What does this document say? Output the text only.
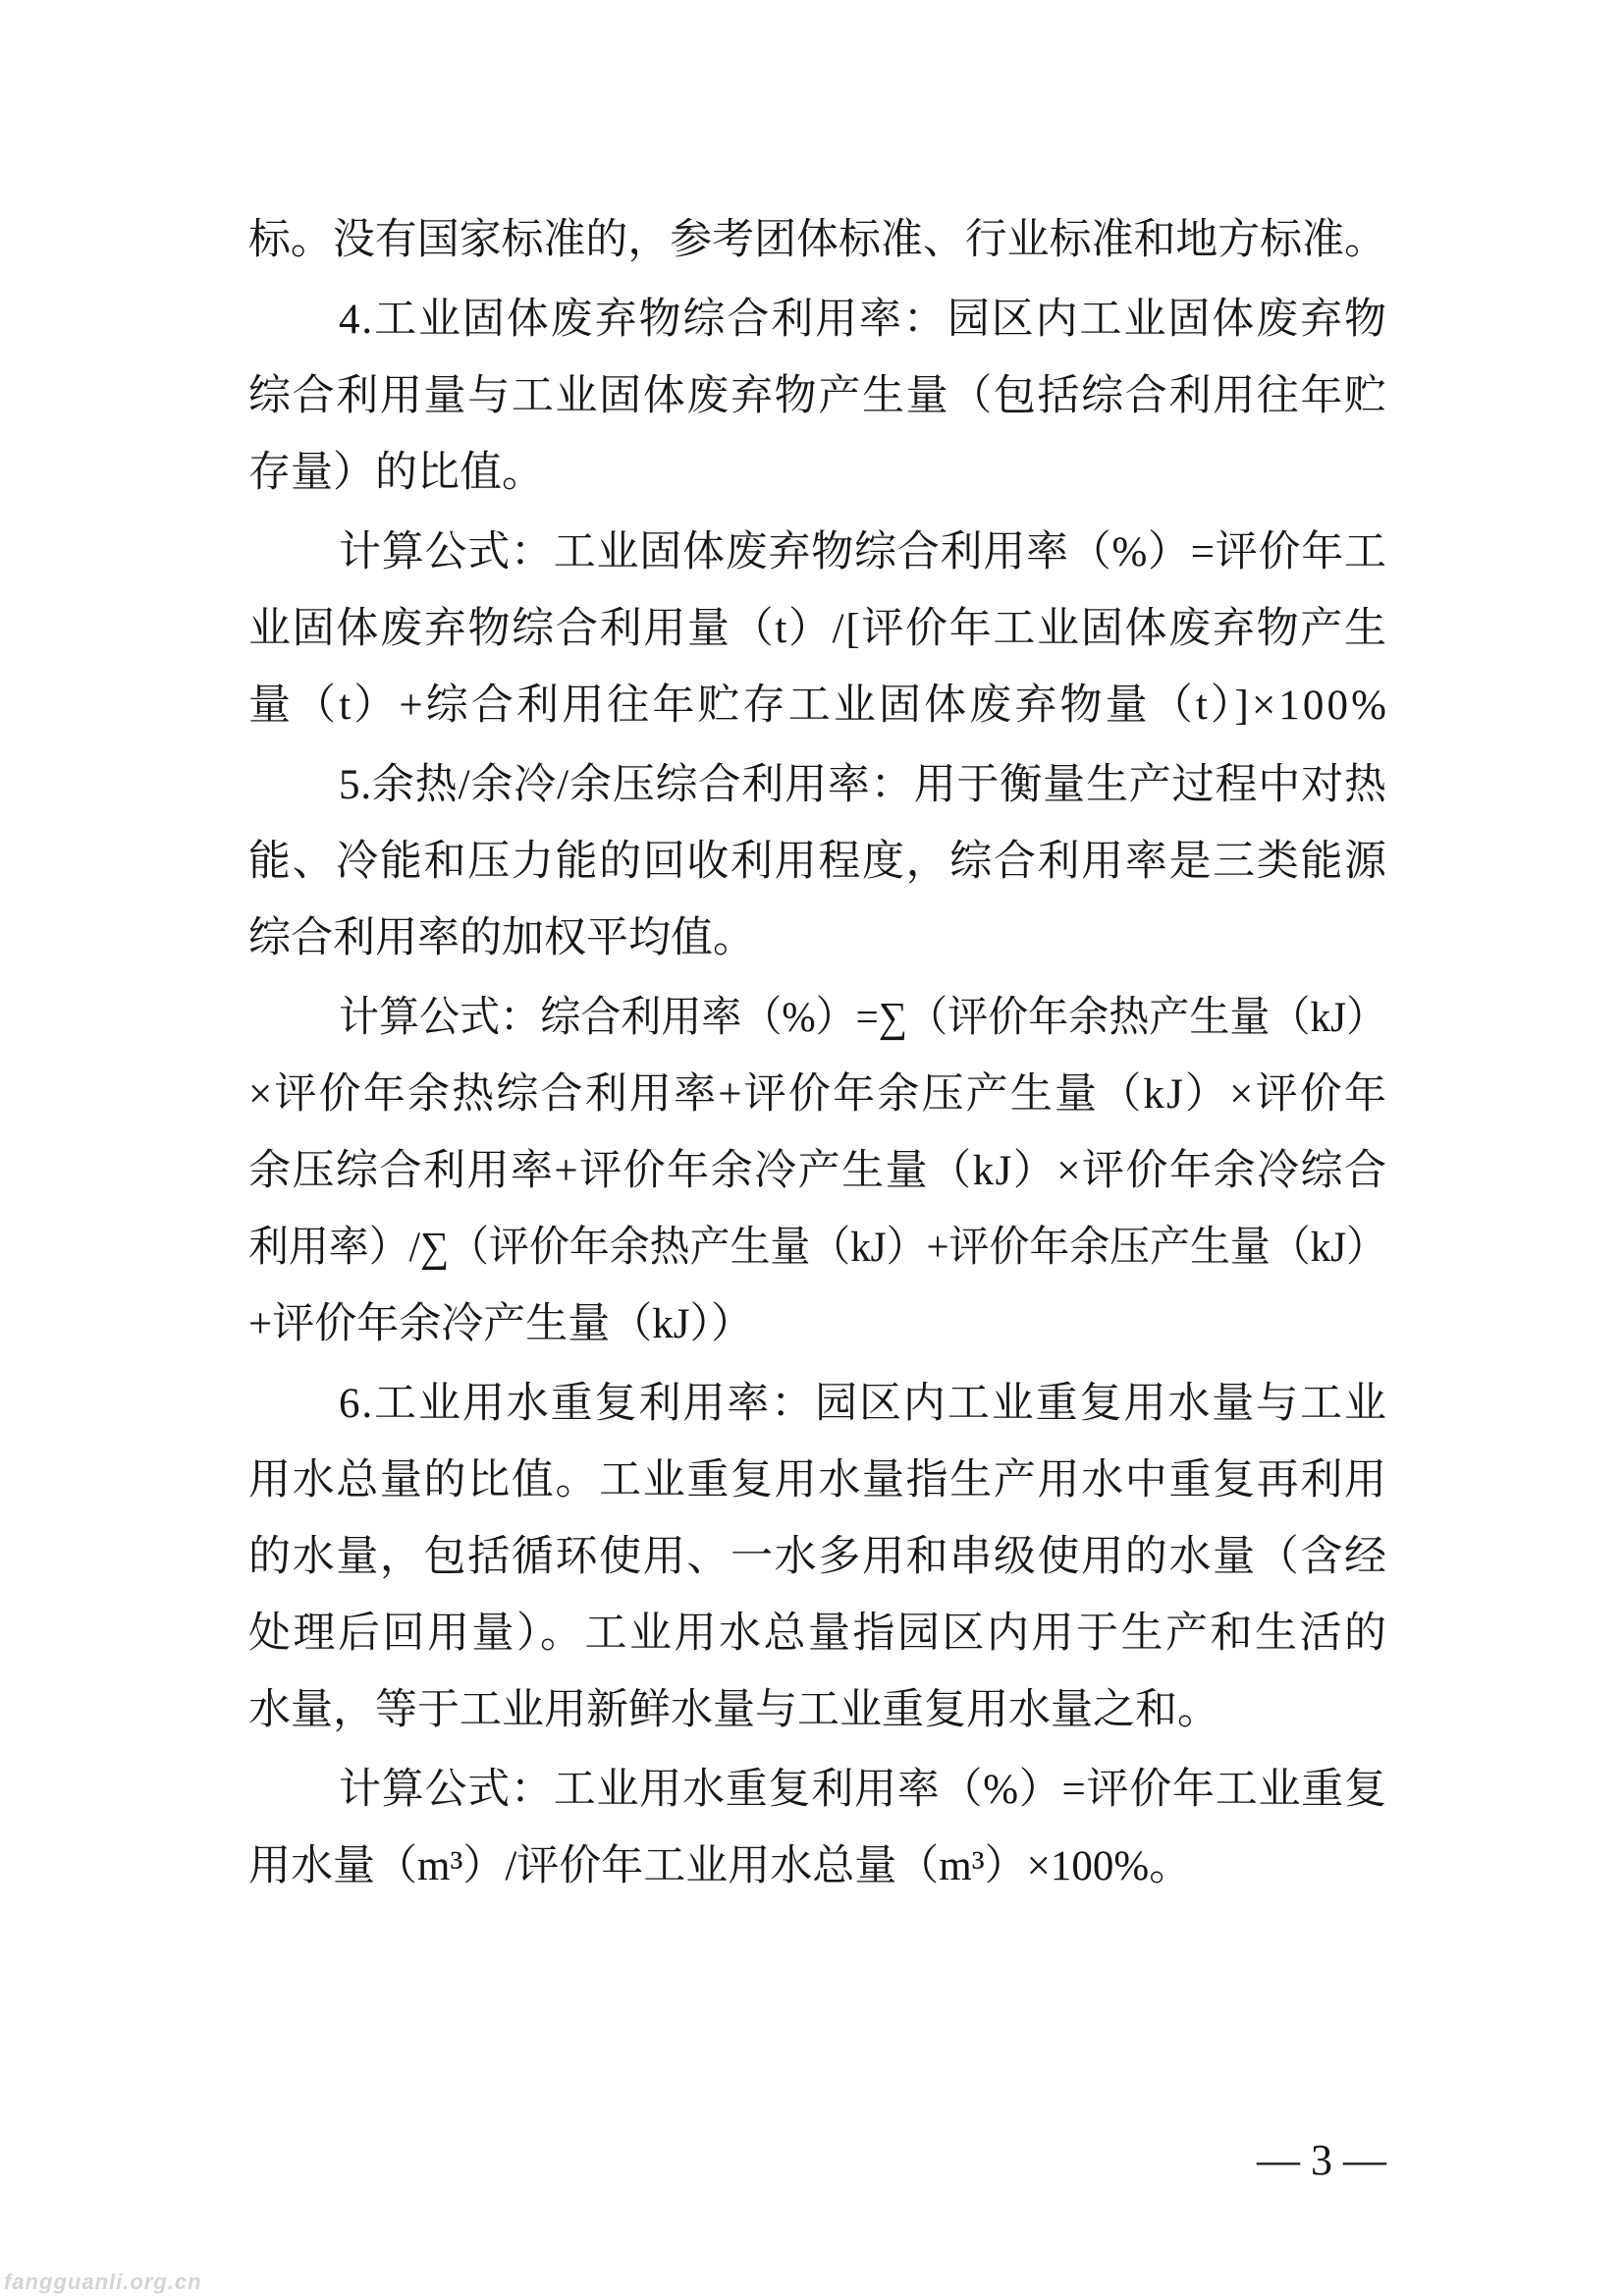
标。没有国家标准的，参考团体标准、行业标准和地方标准。
4.工业固体废弃物综合利用率：园区内工业固体废弃物
综合利用量与工业固体废弃物产生量（包括综合利用往年贮
存量）的比值。
计算公式：工业固体废弃物综合利用率（%）=评价年工
业固体废弃物综合利用量（t）/[评价年工业固体废弃物产生
量（t）+综合利用往年贮存工业固体废弃物量（t）]×100%
5.余热/余冷/余压综合利用率：用于衡量生产过程中对热
能、冷能和压力能的回收利用程度，综合利用率是三类能源
综合利用率的加权平均值。
计算公式：综合利用率（%）=∑（评价年余热产生量（kJ）
×评价年余热综合利用率+评价年余压产生量（kJ）×评价年
余压综合利用率+评价年余冷产生量（kJ）×评价年余冷综合
利用率）/∑（评价年余热产生量（kJ）+评价年余压产生量（kJ）
+评价年余冷产生量（kJ））
6.工业用水重复利用率：园区内工业重复用水量与工业
用水总量的比值。工业重复用水量指生产用水中重复再利用
的水量，包括循环使用、一水多用和串级使用的水量（含经
处理后回用量）。工业用水总量指园区内用于生产和生活的
水量，等于工业用新鲜水量与工业重复用水量之和。
计算公式：工业用水重复利用率（%）=评价年工业重复
用水量（m³）/评价年工业用水总量（m³）×100%。
— 3 —
fangguanli.org.cn
